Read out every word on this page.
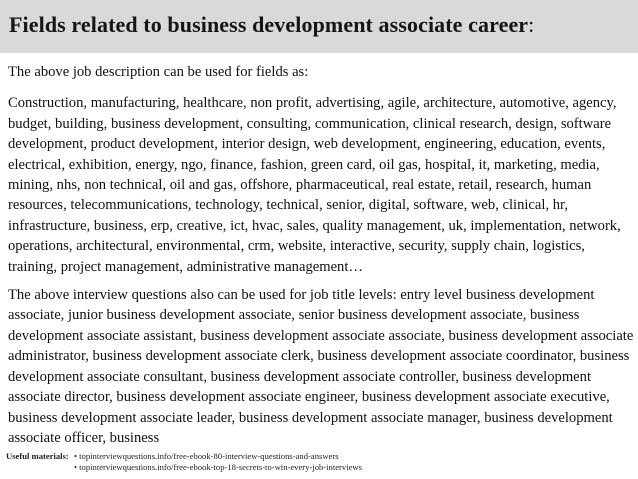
Fields related to business development associate career:

The above job description can be used for fields as:

Construction, manufacturing, healthcare, non profit, advertising, agile, architecture, automotive, agency, budget, building, business development, consulting, communication, clinical research, design, software development, product development, interior design, web development, engineering, education, events, electrical, exhibition, energy, ngo, finance, fashion, green card, oil gas, hospital, it, marketing, media, mining, nhs, non technical, oil and gas, offshore, pharmaceutical, real estate, retail, research, human resources, telecommunications, technology, technical, senior, digital, software, web, clinical, hr, infrastructure, business, erp, creative, ict, hvac, sales, quality management, uk, implementation, network, operations, architectural, environmental, crm, website, interactive, security, supply chain, logistics, training, project management, administrative management…

The above interview questions also can be used for job title levels: entry level business development associate, junior business development associate, senior business development associate, business development associate assistant, business development associate associate, business development associate administrator, business development associate clerk, business development associate coordinator, business development associate consultant, business development associate controller, business development associate director, business development associate engineer, business development associate executive, business development associate leader, business development associate manager, business development associate officer, business

Useful materials: • topinterviewquestions.info/free-ebook-80-interview-questions-and-answers
• topinterviewquestions.info/free-ebook-top-18-secrets-to-win-every-job-interviews
